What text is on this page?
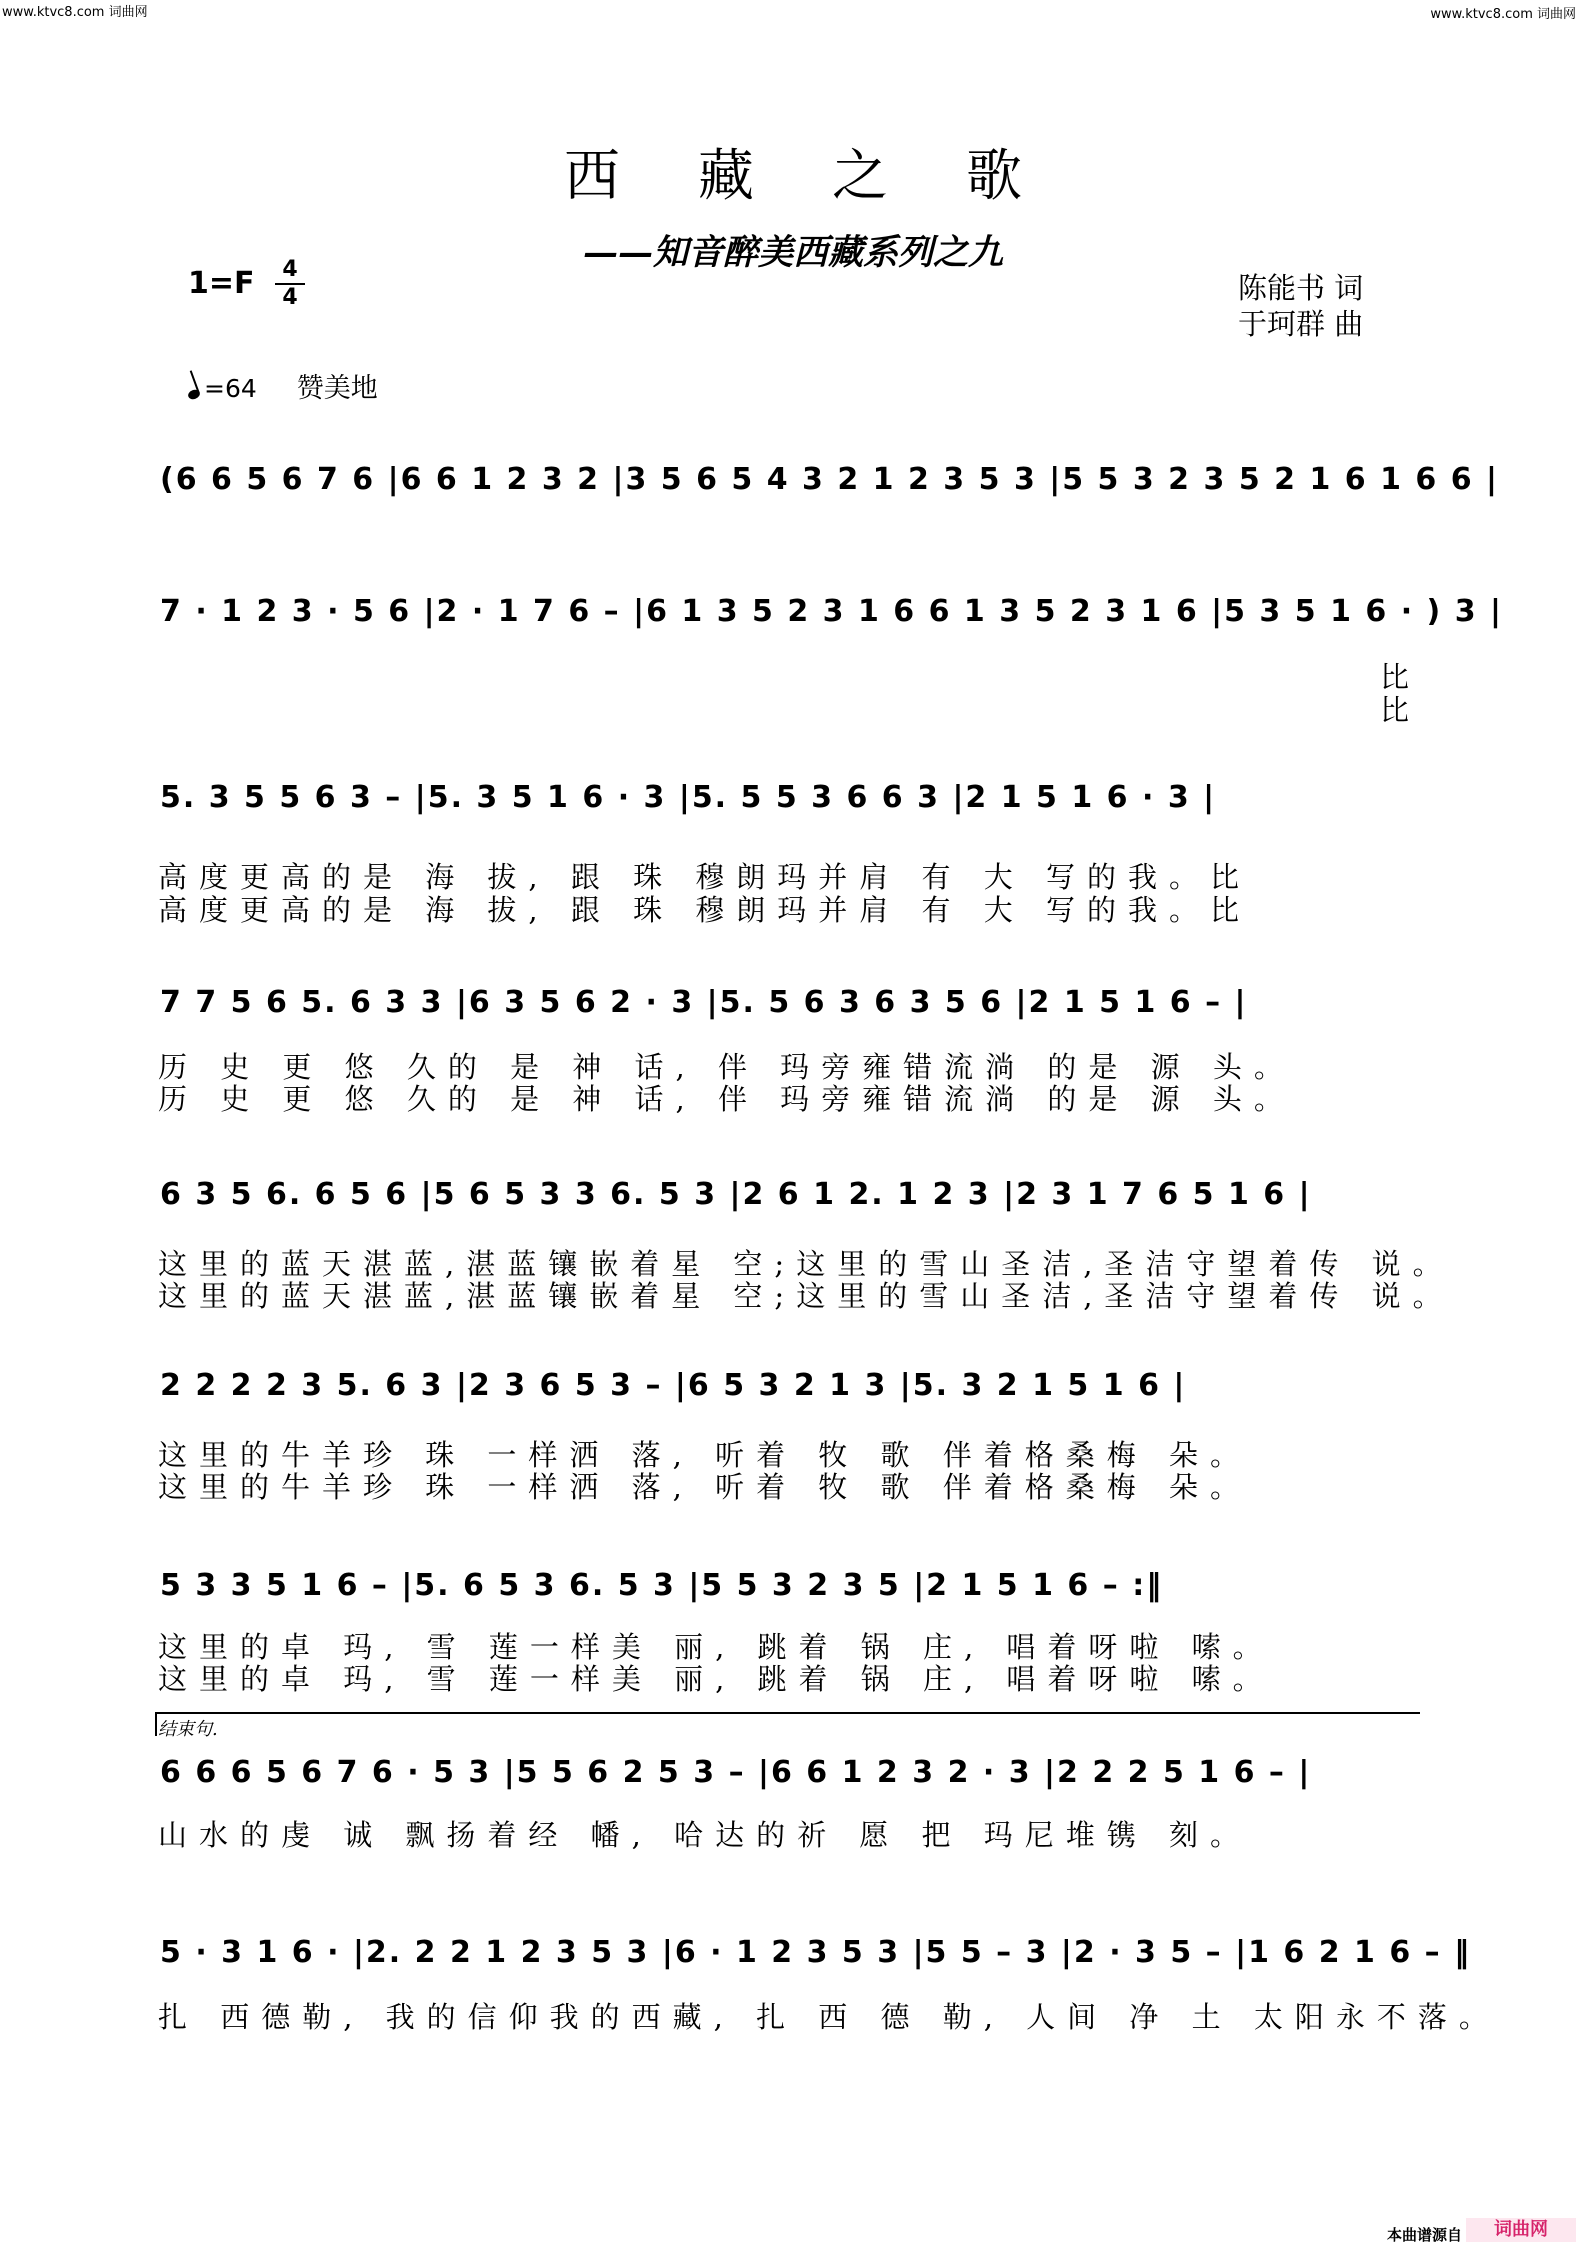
www.ktvc8.com 词曲网	www.ktvc8.com 词曲网
西藏之歌
——知音醉美西藏系列之九
1=F	4
4	陈能书 词
于珂群 曲
=64 赞美地
(6 6 5 6 7 6 |6 6 1 2 3 2 |3 5 6 5 4 3 2 1 2 3 5 3 |5 5 3 2 3 5 2 1 6 1 6 6 |
7 · 1 2 3 · 5 6 |2 · 1 7 6 – |6 1 3 5 2 3 1 6 6 1 3 5 2 3 1 6 |5 3 5 1 6 · ) 3 |
比
比
5. 3 5 5 6 3 – |5. 3 5 1 6 · 3 |5. 5 5 3 6 6 3 |2 1 5 1 6 · 3 |
高度更高的是 海 拔, 跟 珠 穆朗玛并肩 有 大 写的我。比
高度更高的是 海 拔, 跟 珠 穆朗玛并肩 有 大 写的我。比
7 7 5 6 5. 6 3 3 |6 3 5 6 2 · 3 |5. 5 6 3 6 3 5 6 |2 1 5 1 6 – |
历 史 更 悠 久的 是 神 话, 伴 玛旁雍错流淌 的是 源 头。
历 史 更 悠 久的 是 神 话, 伴 玛旁雍错流淌 的是 源 头。
6 3 5 6. 6 5 6 |5 6 5 3 3 6. 5 3 |2 6 1 2. 1 2 3 |2 3 1 7 6 5 1 6 |
这里的蓝天湛蓝,湛蓝镶嵌着星 空;这里的雪山圣洁,圣洁守望着传 说。
这里的蓝天湛蓝,湛蓝镶嵌着星 空;这里的雪山圣洁,圣洁守望着传 说。
2 2 2 2 3 5. 6 3 |2 3 6 5 3 – |6 5 3 2 1 3 |5. 3 2 1 5 1 6 |
这里的牛羊珍 珠 一样洒 落, 听着 牧 歌 伴着格桑梅 朵。
这里的牛羊珍 珠 一样洒 落, 听着 牧 歌 伴着格桑梅 朵。
5 3 3 5 1 6 – |5. 6 5 3 6. 5 3 |5 5 3 2 3 5 |2 1 5 1 6 – :‖
这里的卓 玛, 雪 莲一样美 丽, 跳着 锅 庄, 唱着呀啦 嗦。
这里的卓 玛, 雪 莲一样美 丽, 跳着 锅 庄, 唱着呀啦 嗦。
结束句.
6 6 6 5 6 7 6 · 5 3 |5 5 6 2 5 3 – |6 6 1 2 3 2 · 3 |2 2 2 5 1 6 – |
山水的虔 诚 飘扬着经 幡, 哈达的祈 愿 把 玛尼堆镌 刻。
5 · 3 1 6 · |2. 2 2 1 2 3 5 3 |6 · 1 2 3 5 3 |5 5 – 3 |2 · 3 5 – |1 6 2 1 6 – ‖
扎 西德勒, 我的信仰我的西藏, 扎 西 德 勒, 人间 净 土 太阳永不落。
本曲谱源自	词曲网
